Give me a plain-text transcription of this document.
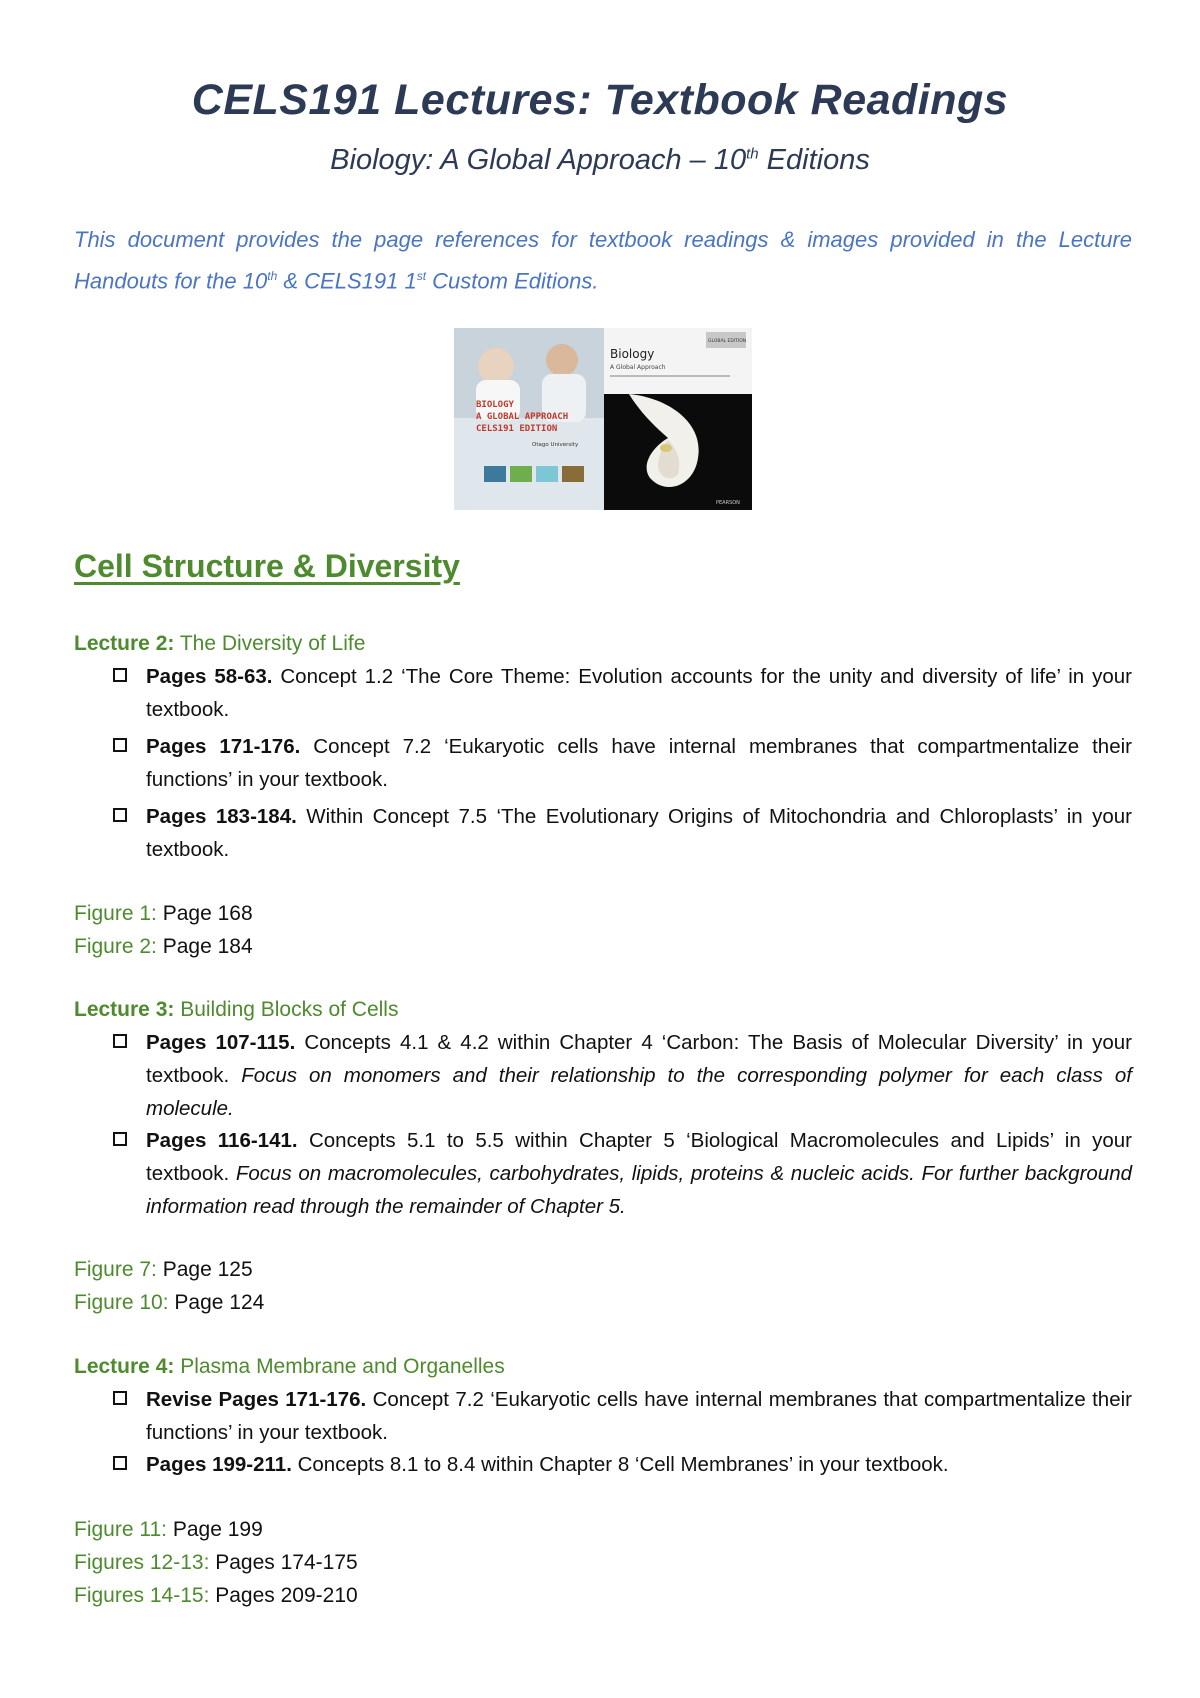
CELS191 Lectures: Textbook Readings
Biology: A Global Approach – 10th Editions
This document provides the page references for textbook readings & images provided in the Lecture Handouts for the 10th & CELS191 1st Custom Editions.
BIOLOGY
A GLOBAL APPROACH
CELS191 EDITION
Otago University
Biology
A Global Approach
GLOBAL EDITION
PEARSON
Cell Structure & Diversity
Lecture 2: The Diversity of Life
Pages 58-63. Concept 1.2 ‘The Core Theme: Evolution accounts for the unity and diversity of life’ in your textbook.
Pages 171-176. Concept 7.2 ‘Eukaryotic cells have internal membranes that compartmentalize their functions’ in your textbook.
Pages 183-184. Within Concept 7.5 ‘The Evolutionary Origins of Mitochondria and Chloroplasts’ in your textbook.
Figure 1: Page 168
Figure 2: Page 184
Lecture 3: Building Blocks of Cells
Pages 107-115. Concepts 4.1 & 4.2 within Chapter 4 ‘Carbon: The Basis of Molecular Diversity’ in your textbook. Focus on monomers and their relationship to the corresponding polymer for each class of molecule.
Pages 116-141. Concepts 5.1 to 5.5 within Chapter 5 ‘Biological Macromolecules and Lipids’ in your textbook. Focus on macromolecules, carbohydrates, lipids, proteins & nucleic acids. For further background information read through the remainder of Chapter 5.
Figure 7: Page 125
Figure 10: Page 124
Lecture 4: Plasma Membrane and Organelles
Revise Pages 171-176. Concept 7.2 ‘Eukaryotic cells have internal membranes that compartmentalize their functions’ in your textbook.
Pages 199-211. Concepts 8.1 to 8.4 within Chapter 8 ‘Cell Membranes’ in your textbook.
Figure 11: Page 199
Figures 12-13: Pages 174-175
Figures 14-15: Pages 209-210
